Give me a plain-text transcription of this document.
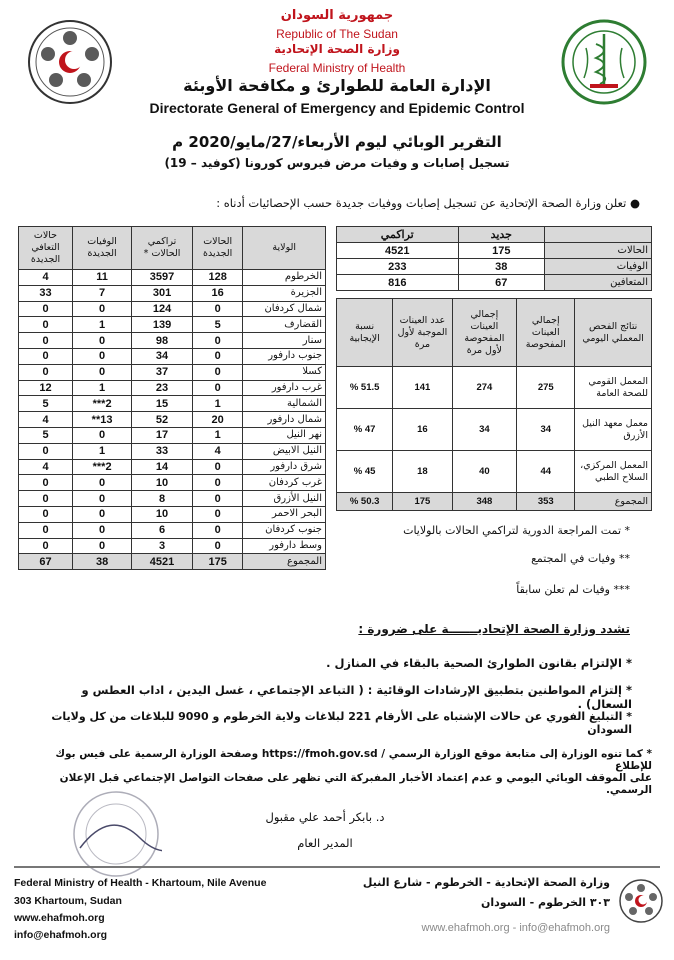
جمهورية السودان
Republic of The Sudan
وزارة الصحة الإتحادية
Federal Ministry of Health
الإدارة العامة للطوارئ و مكافحة الأوبئة
Directorate General of Emergency and Epidemic Control
التقرير الوبائي ليوم الأربعاء/27/مايو/2020 م
تسجيل إصابات و وفيات مرض فيروس كورونا (كوفيد – 19)
● تعلن وزارة الصحة الإتحادية عن تسجيل إصابات ووفيات جديدة حسب الإحصائيات أدناه :
الولاية	الحالات الجديدة	تراكمي الحالات *	الوفيات الجديدة	حالات التعافي الجديدة
الخرطوم	128	3597	11	4
الجزيرة	16	301	7	33
شمال كردفان	0	124	0	0
القضارف	5	139	1	0
سنار	0	98	0	0
جنوب دارفور	0	34	0	0
كسلا	0	37	0	0
غرب دارفور	0	23	1	12
الشمالية	1	15	2***	5
شمال دارفور	20	52	13**	4
نهر النيل	1	17	0	5
النيل الابيض	4	33	1	0
شرق دارفور	0	14	2***	4
غرب كردفان	0	10	0	0
النيل الأزرق	0	8	0	0
البحر الاحمر	0	10	0	0
جنوب كردفان	0	6	0	0
وسط دارفور	0	3	0	0
المجموع	175	4521	38	67
	جديد	تراكمي
الحالات	175	4521
الوفيات	38	233
المتعافين	67	816
نتائج الفحص المعملي اليومي	إجمالي العينات المفحوصة	إجمالي العينات المفحوصة لأول مرة	عدد العينات الموجبة لأول مرة	نسبة الإيجابية
المعمل القومي للصحة العامة	275	274	141	51.5 %
معمل معهد النيل الأزرق	34	34	16	47 %
المعمل المركزي، السلاح الطبي	44	40	18	45 %
المجموع	353	348	175	50.3 %
* تمت المراجعة الدورية لتراكمي الحالات بالولايات
** وفيات في المجتمع
*** وفيات لم تعلن سابقاً
تشدد وزارة الصحة الإتحاديـــــــة على ضرورة :
* الإلتزام بقانون الطوارئ الصحية بالبقاء في المنازل .
* إلتزام المواطنين بتطبيق الإرشادات الوقائية : ( التباعد الإجتماعي ، غسل اليدين ، اداب العطس و السعال) .
* التبليغ الفوري عن حالات الإشتباه على الأرقام 221 لبلاغات ولاية الخرطوم و 9090 للبلاغات من كل ولايات السودان
* كما تنوه الوزارة إلى متابعة موقع الوزارة الرسمي / https://fmoh.gov.sd وصفحة الوزارة الرسمية على فيس بوك للإطلاع
على الموقف الوبائي اليومي و عدم إعتماد الأخبار المفبركة التي تظهر على صفحات التواصل الإجتماعي قبل الإعلان الرسمي.
د. بابكر أحمد علي مقبول
المدير العام
Federal Ministry of Health - Khartoum, Nile Avenue
303 Khartoum, Sudan
www.ehafmoh.org
info@ehafmoh.org
وزارة الصحة الإتحادية - الخرطوم - شارع النيل
٣٠٣ الخرطوم - السودان
www.ehafmoh.org - info@ehafmoh.org
